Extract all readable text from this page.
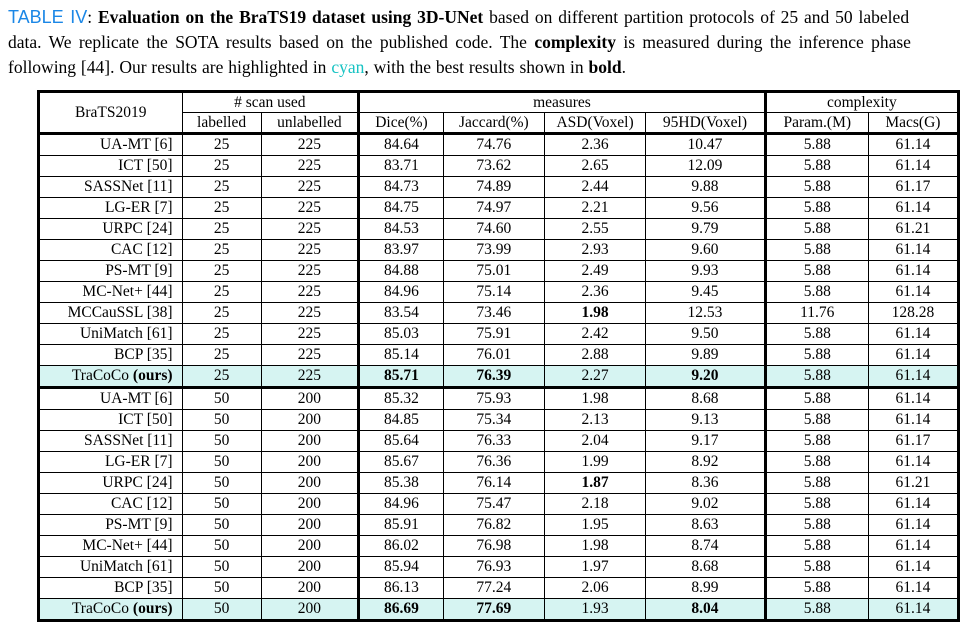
TABLE IV: Evaluation on the BraTS19 dataset using 3D-UNet based on different partition protocols of 25 and 50 labeled
data. We replicate the SOTA results based on the published code. The complexity is measured during the inference phase
following [44]. Our results are highlighted in cyan, with the best results shown in bold.
BraTS2019	# scan used		measures				complexity	
	labelled	unlabelled	Dice(%)	Jaccard(%)	ASD(Voxel)	95HD(Voxel)	Param.(M)	Macs(G)
UA-MT [6]	25	225	84.64	74.76	2.36	10.47	5.88	61.14
ICT [50]	25	225	83.71	73.62	2.65	12.09	5.88	61.14
SASSNet [11]	25	225	84.73	74.89	2.44	9.88	5.88	61.17
LG-ER [7]	25	225	84.75	74.97	2.21	9.56	5.88	61.14
URPC [24]	25	225	84.53	74.60	2.55	9.79	5.88	61.21
CAC [12]	25	225	83.97	73.99	2.93	9.60	5.88	61.14
PS-MT [9]	25	225	84.88	75.01	2.49	9.93	5.88	61.14
MC-Net+ [44]	25	225	84.96	75.14	2.36	9.45	5.88	61.14
MCCauSSL [38]	25	225	83.54	73.46	1.98	12.53	11.76	128.28
UniMatch [61]	25	225	85.03	75.91	2.42	9.50	5.88	61.14
BCP [35]	25	225	85.14	76.01	2.88	9.89	5.88	61.14
TraCoCo (ours)	25	225	85.71	76.39	2.27	9.20	5.88	61.14
UA-MT [6]	50	200	85.32	75.93	1.98	8.68	5.88	61.14
ICT [50]	50	200	84.85	75.34	2.13	9.13	5.88	61.14
SASSNet [11]	50	200	85.64	76.33	2.04	9.17	5.88	61.17
LG-ER [7]	50	200	85.67	76.36	1.99	8.92	5.88	61.14
URPC [24]	50	200	85.38	76.14	1.87	8.36	5.88	61.21
CAC [12]	50	200	84.96	75.47	2.18	9.02	5.88	61.14
PS-MT [9]	50	200	85.91	76.82	1.95	8.63	5.88	61.14
MC-Net+ [44]	50	200	86.02	76.98	1.98	8.74	5.88	61.14
UniMatch [61]	50	200	85.94	76.93	1.97	8.68	5.88	61.14
BCP [35]	50	200	86.13	77.24	2.06	8.99	5.88	61.14
TraCoCo (ours)	50	200	86.69	77.69	1.93	8.04	5.88	61.14
